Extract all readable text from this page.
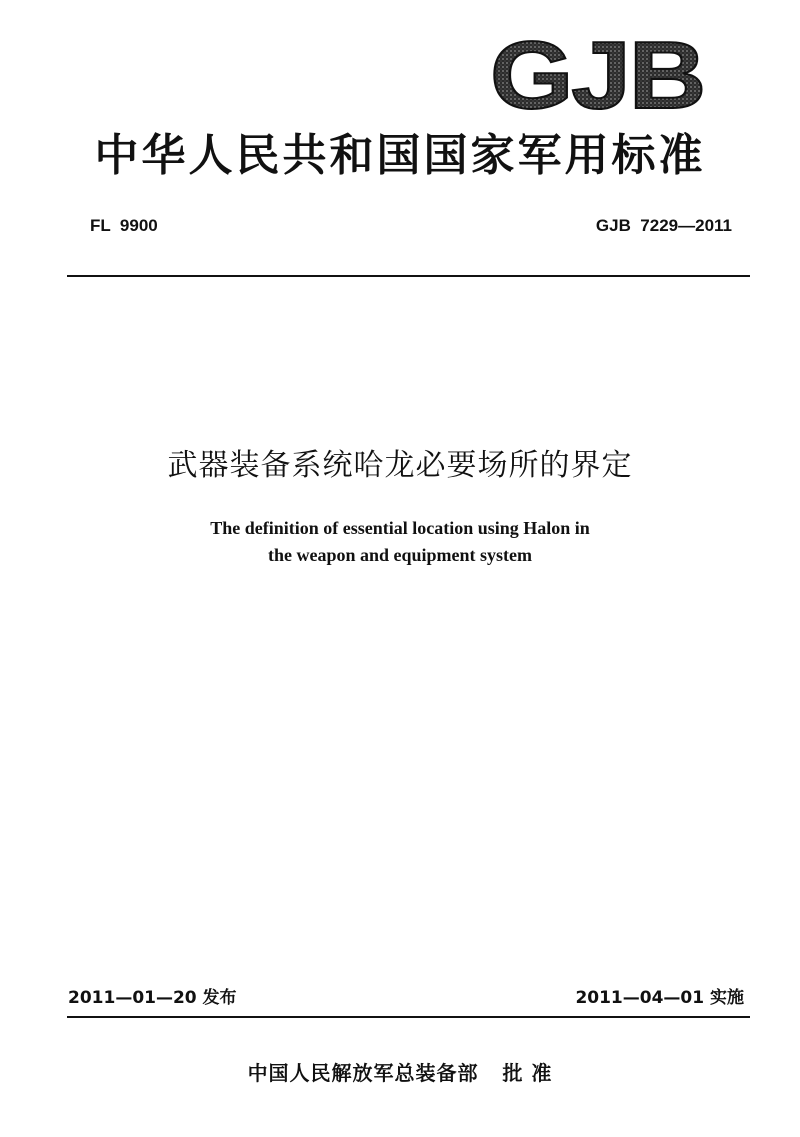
GJB
中华人民共和国国家军用标准
FL  9900	GJB  7229—2011
武器装备系统哈龙必要场所的界定
The definition of essential location using Halon in
the weapon and equipment system
2011—01—20 发布	2011—04—01 实施
中国人民解放军总装备部   批 准
